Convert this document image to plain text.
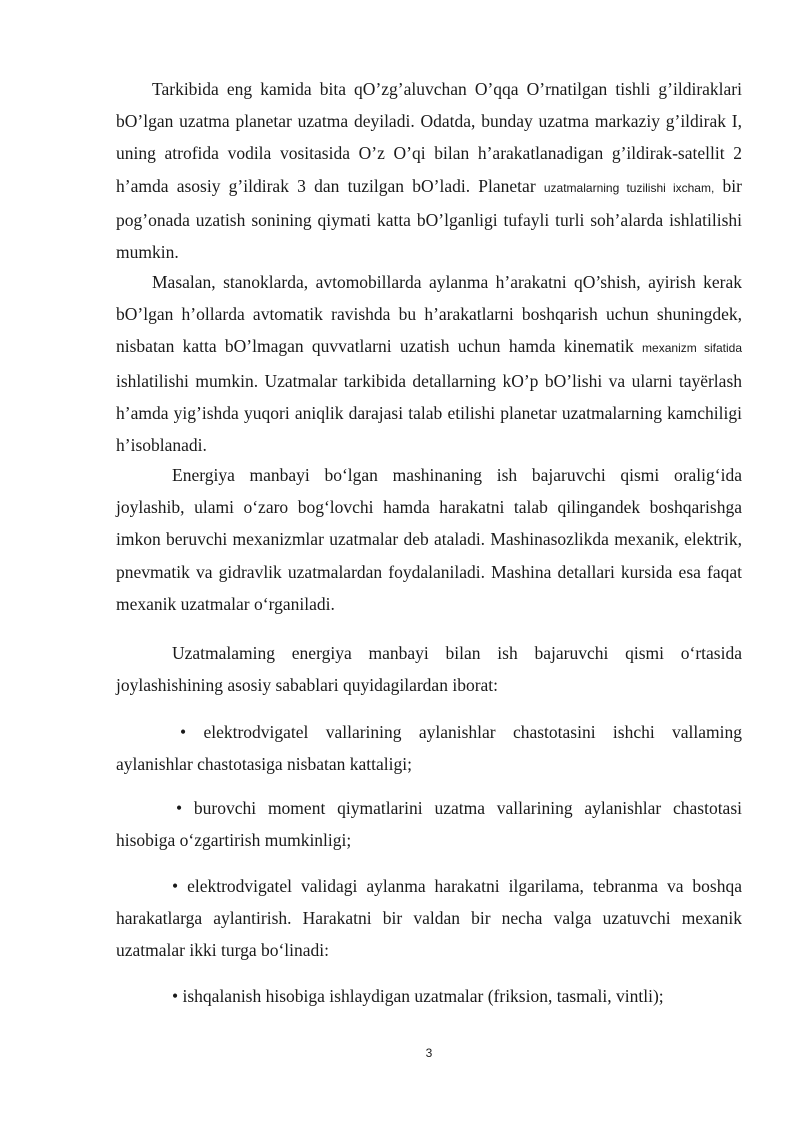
Tarkibida eng kamida bita qO’zg’aluvchan O’qqa O’rnatilgan tishli g’ildiraklari bO’lgan uzatma planetar uzatma deyiladi. Odatda, bunday uzatma markaziy g’ildirak I, uning atrofida vodila vositasida O’z O’qi bilan h’arakatlanadigan g’ildirak-satellit 2 h’amda asosiy g’ildirak 3 dan tuzilgan bO’ladi. Planetar uzatmalarning tuzilishi ixcham, bir pog’onada uzatish sonining qiymati katta bO’lganligi tufayli turli soh’alarda ishlatilishi mumkin.

Masalan, stanoklarda, avtomobillarda aylanma h’arakatni qO’shish, ayirish kerak bO’lgan h’ollarda avtomatik ravishda bu h’arakatlarni boshqarish uchun shuningdek, nisbatan katta bO’lmagan quvvatlarni uzatish uchun hamda kinematik mexanizm sifatida ishlatilishi mumkin. Uzatmalar tarkibida detallarning kO’p bO’lishi va ularni tayërlash h’amda yig’ishda yuqori aniqlik darajasi talab etilishi planetar uzatmalarning kamchiligi h’isoblanadi.

Energiya manbayi bo‘lgan mashinaning ish bajaruvchi qismi oralig‘ida joylashib, ulami o‘zaro bog‘lovchi hamda harakatni talab qilingandek boshqarishga imkon beruvchi mexanizmlar uzatmalar deb ataladi. Mashinasozlikda mexanik, elektrik, pnevmatik va gidravlik uzatmalardan foydalaniladi. Mashina detallari kursida esa faqat mexanik uzatmalar o‘rganiladi.

Uzatmalaming energiya manbayi bilan ish bajaruvchi qismi o‘rtasida joylashishining asosiy sabablari quyidagilardan iborat:

• elektrodvigatel vallarining aylanishlar chastotasini ishchi vallaming aylanishlar chastotasiga nisbatan kattaligi;

• burovchi moment qiymatlarini uzatma vallarining aylanishlar chastotasi hisobiga o‘zgartirish mumkinligi;

• elektrodvigatel validagi aylanma harakatni ilgarilama, tebranma va boshqa harakatlarga aylantirish. Harakatni bir valdan bir necha valga uzatuvchi mexanik uzatmalar ikki turga bo‘linadi:

• ishqalanish hisobiga ishlaydigan uzatmalar (friksion, tasmali, vintli);

3
